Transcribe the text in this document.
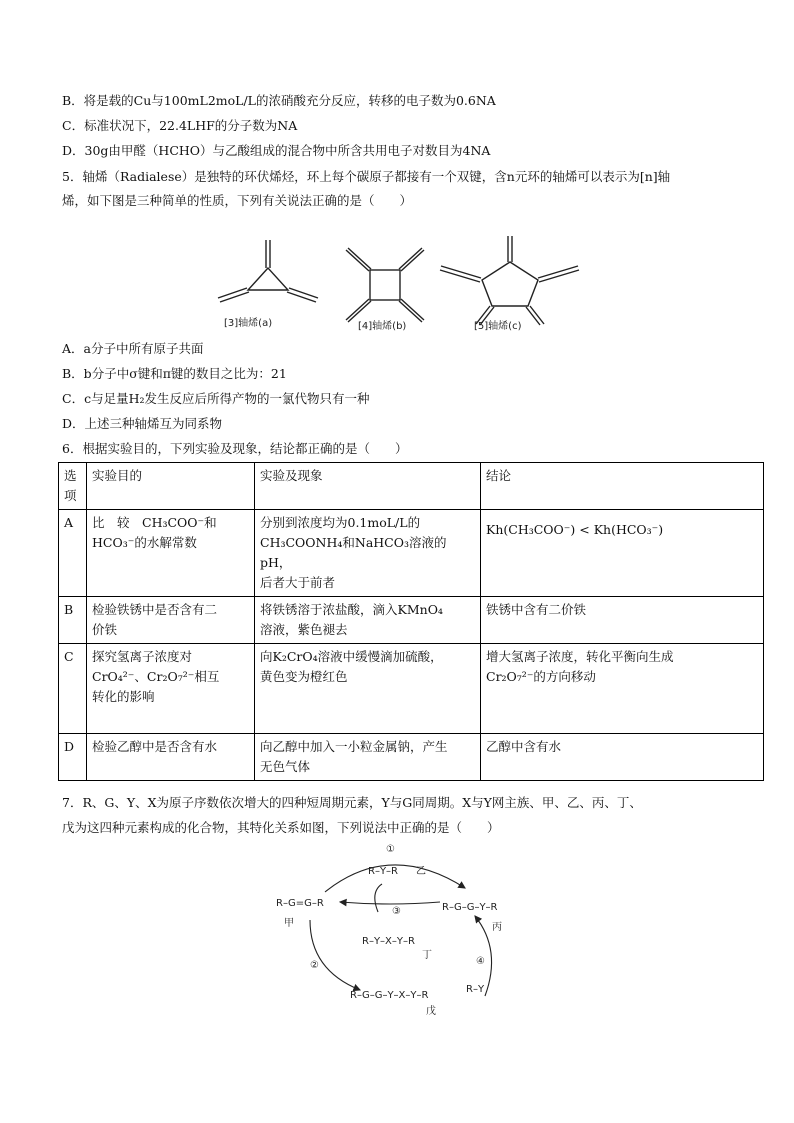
B．将是载的Cu与100mL2moL/L的浓硝酸充分反应，转移的电子数为0.6NA
C．标准状况下，22.4LHF的分子数为NA
D．30g由甲醛（HCHO）与乙酸组成的混合物中所含共用电子对数目为4NA
5．轴烯（Radialese）是独特的环伏烯烃，环上每个碳原子都接有一个双键，含n元环的轴烯可以表示为[n]轴
烯，如下图是三种简单的性质，下列有关说法正确的是（　　）
[3]轴烯(a)	[4]轴烯(b)	[5]轴烯(c)
A．a分子中所有原子共面
B．b分子中σ键和π键的数目之比为：21
C．c与足量H₂发生反应后所得产物的一氯代物只有一种
D．上述三种轴烯互为同系物
6．根据实验目的，下列实验及现象，结论都正确的是（　　）
选
项	实验目的	实验及现象	结论
A	比　较　CH₃COO⁻和
HCO₃⁻的水解常数	分别到浓度均为0.1moL/L的
CH₃COONH₄和NaHCO₃溶液的pH，
后者大于前者	Kh(CH₃COO⁻) < Kh(HCO₃⁻)
B	检验铁锈中是否含有二
价铁	将铁锈溶于浓盐酸，滴入KMnO₄
溶液，紫色褪去	铁锈中含有二价铁
C	探究氢离子浓度对
CrO₄²⁻、Cr₂O₇²⁻相互
转化的影响	向K₂CrO₄溶液中缓慢滴加硫酸，
黄色变为橙红色	增大氢离子浓度，转化平衡向生成
Cr₂O₇²⁻的方向移动
D	检验乙醇中是否含有水	向乙醇中加入一小粒金属钠，产生
无色气体	乙醇中含有水
7．R、G、Y、X为原子序数依次增大的四种短周期元素，Y与G同周期。X与Y网主族、甲、乙、丙、丁、
戊为这四种元素构成的化合物，其特化关系如图，下列说法中正确的是（　　）
①
R–Y–R 乙
R–G=G–R
甲
③	R–G–G–Y–R
丙
R–Y–X–Y–R
丁
②	④
R–Y
R–G–G–Y–X–Y–R
戊
